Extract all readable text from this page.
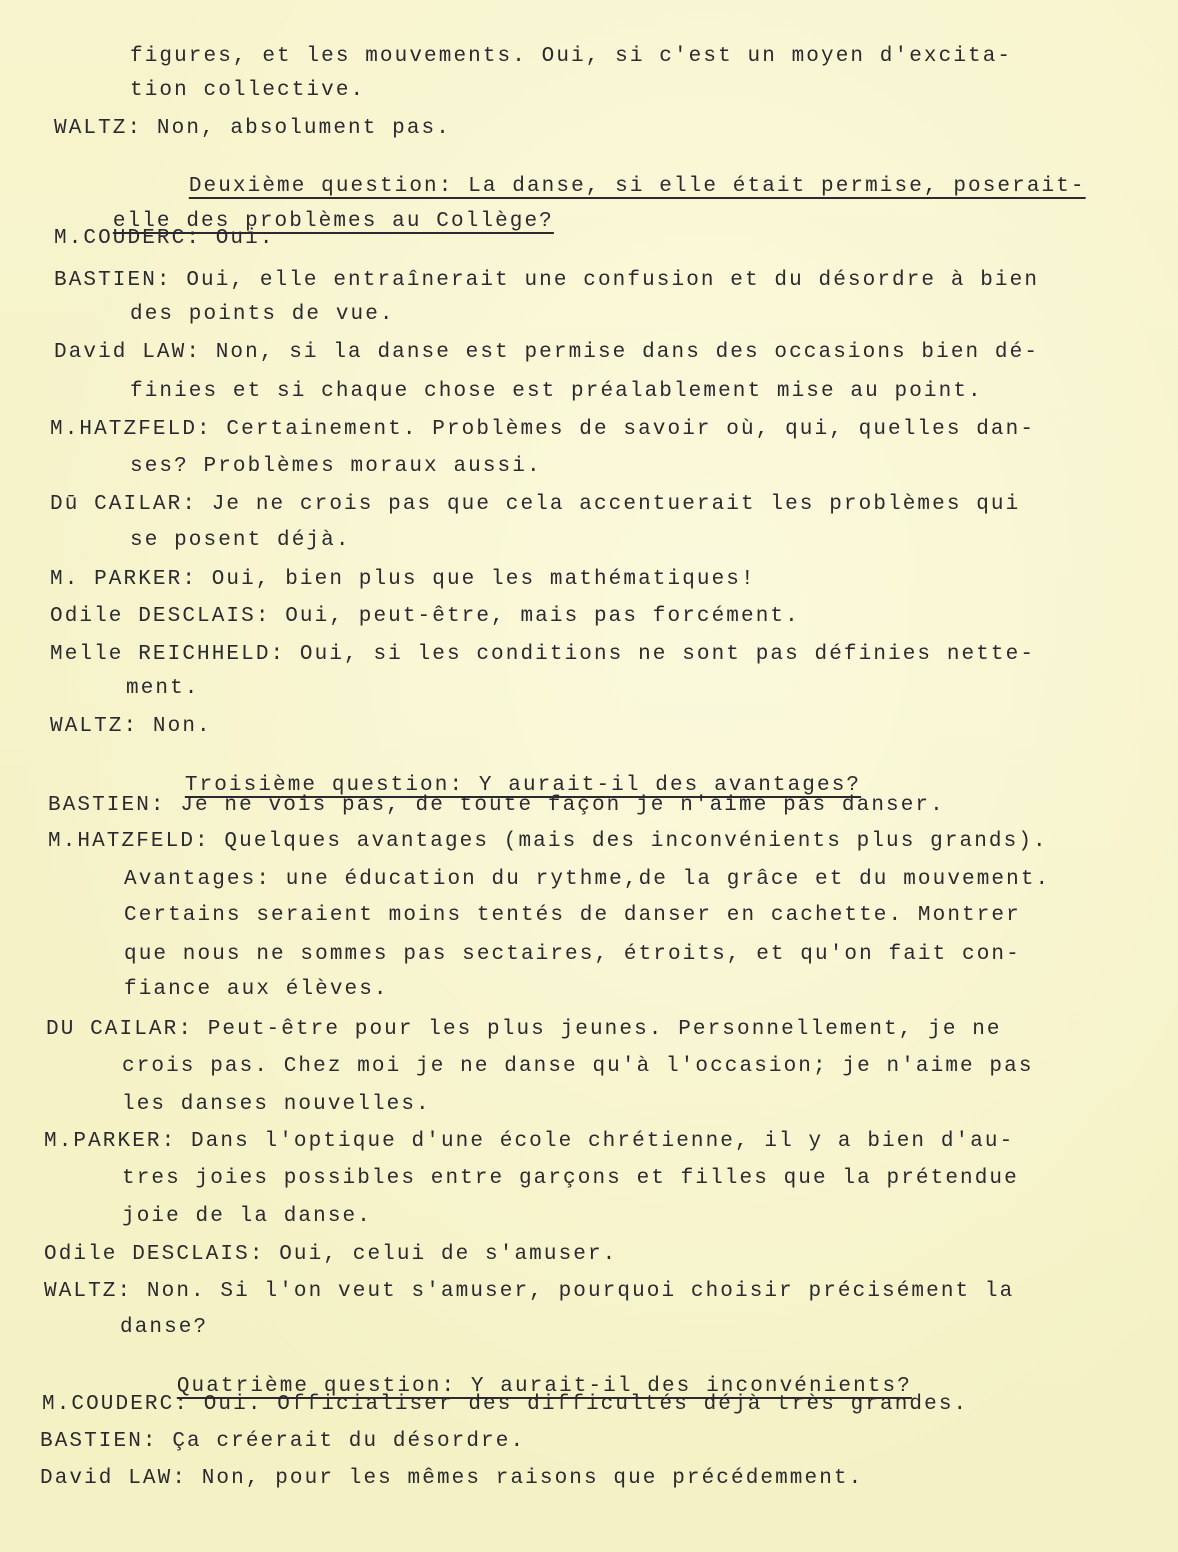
figures, et les mouvements. Oui, si c'est un moyen d'excita-
tion collective.
WALTZ: Non, absolument pas.

Deuxième question: La danse, si elle était permise, poserait-

elle des problèmes au Collège?

M.COUDERC: Oui.
BASTIEN: Oui, elle entraînerait une confusion et du désordre à bien
des points de vue.
David LAW: Non, si la danse est permise dans des occasions bien dé-
finies et si chaque chose est préalablement mise au point.
M.HATZFELD: Certainement. Problèmes de savoir où, qui, quelles dan-
ses? Problèmes moraux aussi.
Dū CAILAR: Je ne crois pas que cela accentuerait les problèmes qui
se posent déjà.
M. PARKER: Oui, bien plus que les mathématiques!
Odile DESCLAIS: Oui, peut-être, mais pas forcément.
Melle REICHHELD: Oui, si les conditions ne sont pas définies nette-
ment.
WALTZ: Non.

Troisième question: Y aurait-il des avantages?

BASTIEN: Je ne vois pas, de toute façon je n'aime pas danser.
M.HATZFELD: Quelques avantages (mais des inconvénients plus grands).
Avantages: une éducation du rythme,de la grâce et du mouvement.
Certains seraient moins tentés de danser en cachette. Montrer
que nous ne sommes pas sectaires, étroits, et qu'on fait con-
fiance aux élèves.
DU CAILAR: Peut-être pour les plus jeunes. Personnellement, je ne
crois pas. Chez moi je ne danse qu'à l'occasion; je n'aime pas
les danses nouvelles.
M.PARKER: Dans l'optique d'une école chrétienne, il y a bien d'au-
tres joies possibles entre garçons et filles que la prétendue
joie de la danse.
Odile DESCLAIS: Oui, celui de s'amuser.
WALTZ: Non. Si l'on veut s'amuser, pourquoi choisir précisément la
danse?

Quatrième question: Y aurait-il des inconvénients?

M.COUDERC: Oui. Officialiser des difficultés déjà très grandes.
BASTIEN: Ça créerait du désordre.
David LAW: Non, pour les mêmes raisons que précédemment.
